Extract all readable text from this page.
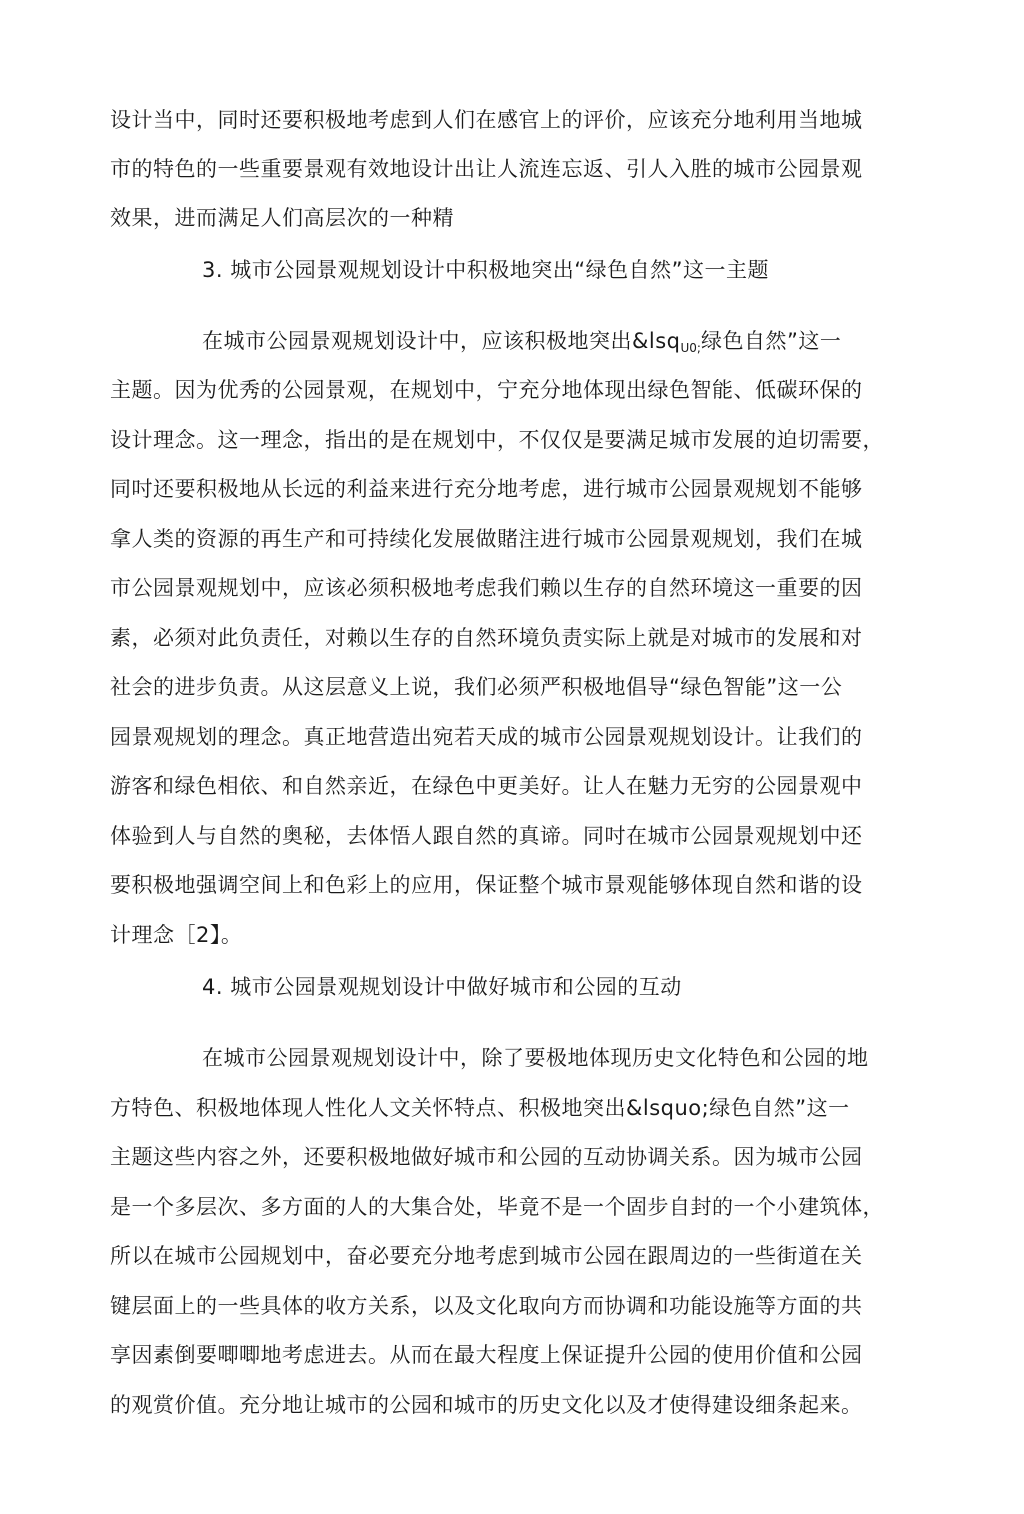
设计当中，同时还要积极地考虑到人们在感官上的评价，应该充分地利用当地城
市的特色的一些重要景观有效地设计出让人流连忘返、引人入胜的城市公园景观
效果，进而满足人们高层次的一种精
3. 城市公园景观规划设计中积极地突出“绿色自然”这一主题
在城市公园景观规划设计中，应该积极地突出&lsq$_{U0;}$绿色自然”这一
主题。因为优秀的公园景观，在规划中，宁充分地体现出绿色智能、低碳环保的
设计理念。这一理念，指出的是在规划中，不仅仅是要满足城市发展的迫切需要，
同吋还要积极地从长远的利益来进行充分地考虑，进行城市公园景观规划不能够
拿人类的资源的再生产和可持续化发展做賭注进行城市公园景观规划，我们在城
市公园景观规划中，应该必须积极地考虑我们赖以生存的自然环境这一重要的因
素，必须对此负责任，对赖以生存的自然环境负责实际上就是对城市的发展和对
社会的进步负责。从这层意义上说，我们必须严积极地倡导“绿色智能”这一公
园景观规划的理念。真正地营造出宛若天成的城市公园景观规划设计。让我们的
游客和绿色相依、和自然亲近，在绿色中更美好。让人在魅力无穷的公园景观中
体验到人与自然的奥秘，去体悟人跟自然的真谛。同吋在城市公园景观规划中还
要积极地强调空间上和色彩上的应用，保证整个城市景观能够体现自然和谐的设
计理念［2】。
4. 城市公园景观规划设计中做好城市和公园的互动
在城市公园景观规划设计中，除了要极地体现历史文化特色和公园的地
方特色、积极地体现人性化人文关怀特点、积极地突出&lsquo;绿色自然”这一
主题这些内容之外，还要积极地做好城市和公园的互动协调关系。因为城市公园
是一个多层次、多方面的人的大集合处，毕竟不是一个固步自封的一个小建筑体，
所以在城市公园规划中，奋必要充分地考虑到城市公园在跟周边的一些街道在关
键层面上的一些具体的收方关系，以及文化取向方而协调和功能设施等方面的共
享因素倒要唧唧地考虑进去。从而在最大程度上保证提升公园的使用价值和公园
的观赏价值。充分地让城市的公园和城市的历史文化以及才使得建设细条起来。
